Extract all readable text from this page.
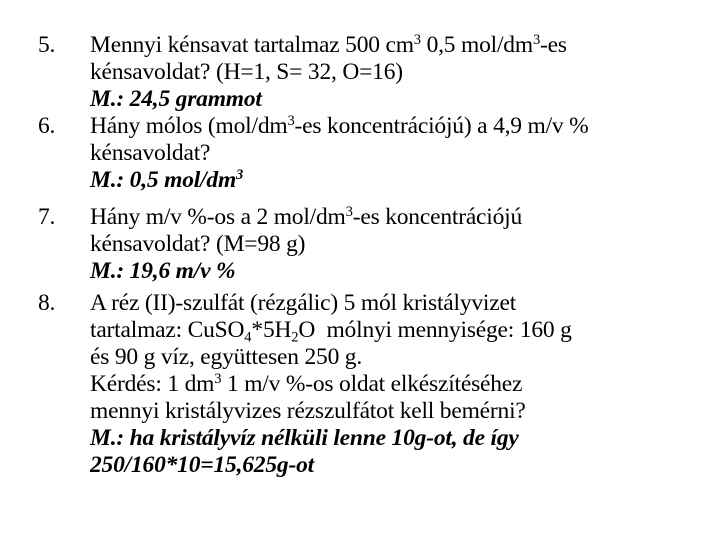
5.	Mennyi kénsavat tartalmaz 500 $cm^3$ 0,5 mol/$dm^3-es$
kénsavoldat? (H=1, S= 32, O=16)
M.: 24,5 grammot
6.	Hány mólos ($mol/dm^3-es$ koncentrációjú) a 4,9 m/v %
kénsavoldat?
M.: 0,5 mol/$dm^3$
7.	Hány m/v %-os a 2 mol/$dm^3-es$ koncentrációjú
kénsavoldat? (M=98 g)
M.: 19,6 m/v %
8.	A réz (II)-szulfát (rézgálic) 5 mól kristályvizet
tartalmaz: $CuSO_4*5H_2O$  mólnyi mennyisége: 160 g
és 90 g víz, együttesen 250 g.
Kérdés: 1 $dm^3$ 1 m/v %-os oldat elkészítéséhez
mennyi kristályvizes rézszulfátot kell bemérni?
M.: ha kristályvíz nélküli lenne 10g-ot, de így
250/160*10=15,625g-ot
